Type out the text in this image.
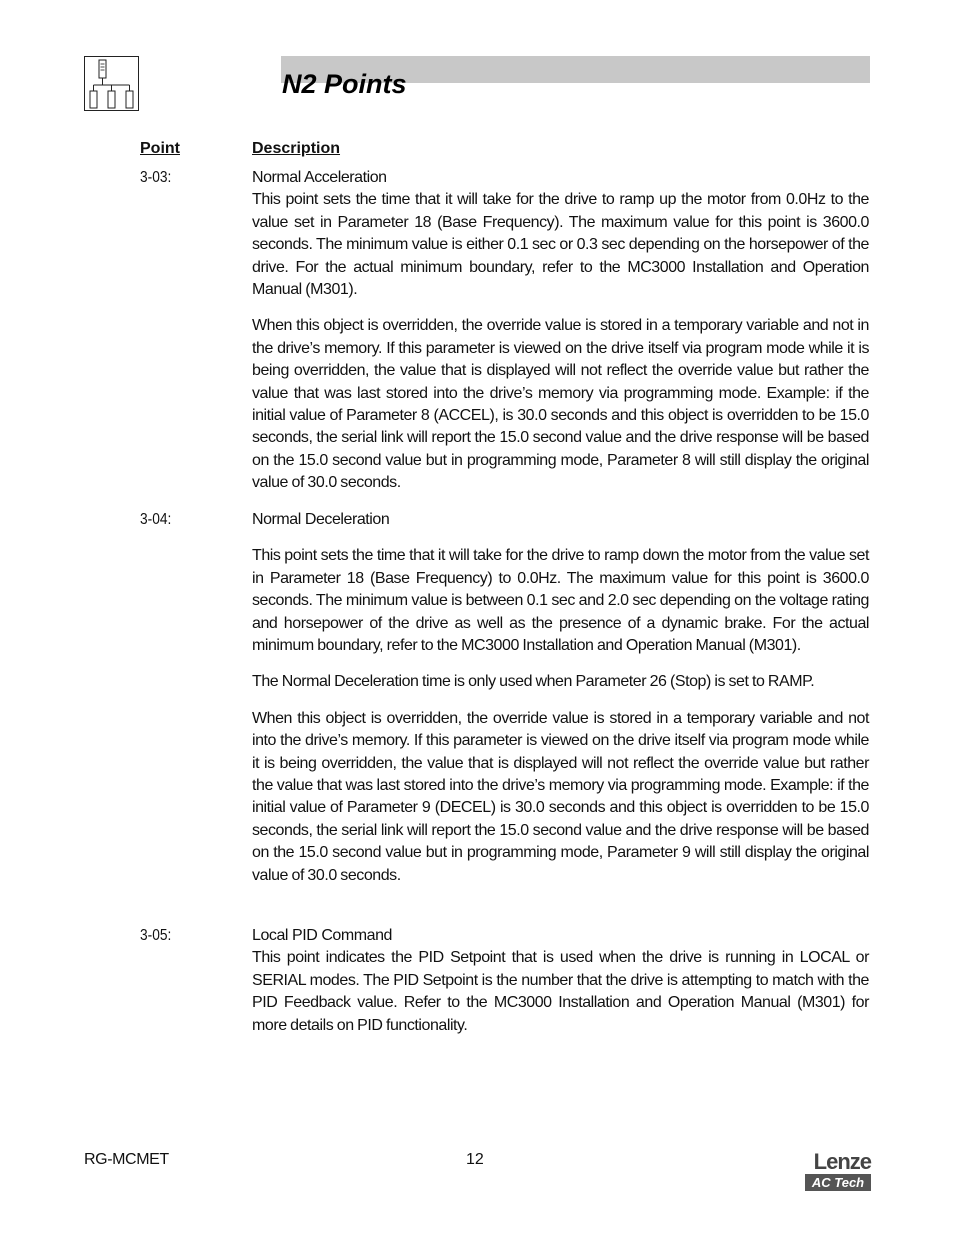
N2 Points
Point	Description
3-03:	Normal Acceleration

This point sets the time that it will take for the drive to ramp up the motor from 0.0Hz to the value set in Parameter 18 (Base Frequency). The maximum value for this point is 3600.0 seconds. The minimum value is either 0.1 sec or 0.3 sec depending on the horsepower of the drive. For the actual minimum boundary, refer to the MC3000 Installation and Operation Manual (M301).

When this object is overridden, the override value is stored in a temporary variable and not in the drive’s memory. If this parameter is viewed on the drive itself via program mode while it is being overridden, the value that is displayed will not reflect the override value but rather the value that was last stored into the drive’s memory via programming mode. Example: if the initial value of Parameter 8 (ACCEL), is 30.0 seconds and this object is overridden to be 15.0 seconds, the serial link will report the 15.0 second value and the drive response will be based on the 15.0 second value but in programming mode, Parameter 8 will still display the original value of 30.0 seconds.

3-04:	Normal Deceleration

This point sets the time that it will take for the drive to ramp down the motor from the value set in Parameter 18 (Base Frequency) to 0.0Hz. The maximum value for this point is 3600.0 seconds. The minimum value is between 0.1 sec and 2.0 sec depending on the voltage rating and horsepower of the drive as well as the presence of a dynamic brake. For the actual minimum boundary, refer to the MC3000 Installation and Operation Manual (M301).

The Normal Deceleration time is only used when Parameter 26 (Stop) is set to RAMP.

When this object is overridden, the override value is stored in a temporary variable and not into the drive’s memory. If this parameter is viewed on the drive itself via program mode while it is being overridden, the value that is displayed will not reflect the override value but rather the value that was last stored into the drive’s memory via programming mode. Example: if the initial value of Parameter 9 (DECEL) is 30.0 seconds and this object is overridden to be 15.0 seconds, the serial link will report the 15.0 second value and the drive response will be based on the 15.0 second value but in programming mode, Parameter 9 will still display the original value of 30.0 seconds.

3-05:	Local PID Command

This point indicates the PID Setpoint that is used when the drive is running in LOCAL or SERIAL modes. The PID Setpoint is the number that the drive is attempting to match with the PID Feedback value. Refer to the MC3000 Installation and Operation Manual (M301) for more details on PID functionality.

RG-MCMET	12	Lenze
AC Tech
